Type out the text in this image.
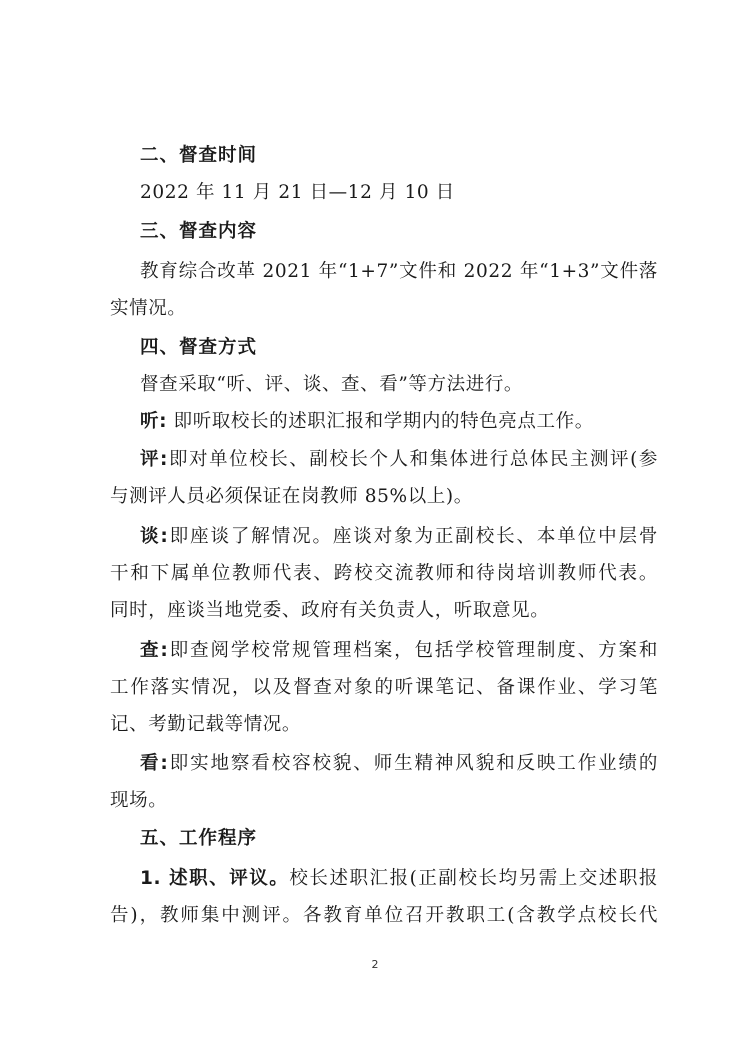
二、督查时间
2022 年 11 月 21 日—12 月 10 日
三、督查内容
教育综合改革 2021 年“1+7”文件和 2022 年“1+3”文件落
实情况。
四、督查方式
督查采取“听、评、谈、查、看”等方法进行。
听: 即听取校长的述职汇报和学期内的特色亮点工作。
评:即对单位校长、副校长个人和集体进行总体民主测评(参
与测评人员必须保证在岗教师 85%以上)。
谈:即座谈了解情况。座谈对象为正副校长、本单位中层骨
干和下属单位教师代表、跨校交流教师和待岗培训教师代表。
同时，座谈当地党委、政府有关负责人，听取意见。
查:即查阅学校常规管理档案，包括学校管理制度、方案和
工作落实情况，以及督查对象的听课笔记、备课作业、学习笔
记、考勤记载等情况。
看:即实地察看校容校貌、师生精神风貌和反映工作业绩的
现场。
五、工作程序
1. 述职、评议。校长述职汇报(正副校长均另需上交述职报
告)，教师集中测评。各教育单位召开教职工(含教学点校长代
2
